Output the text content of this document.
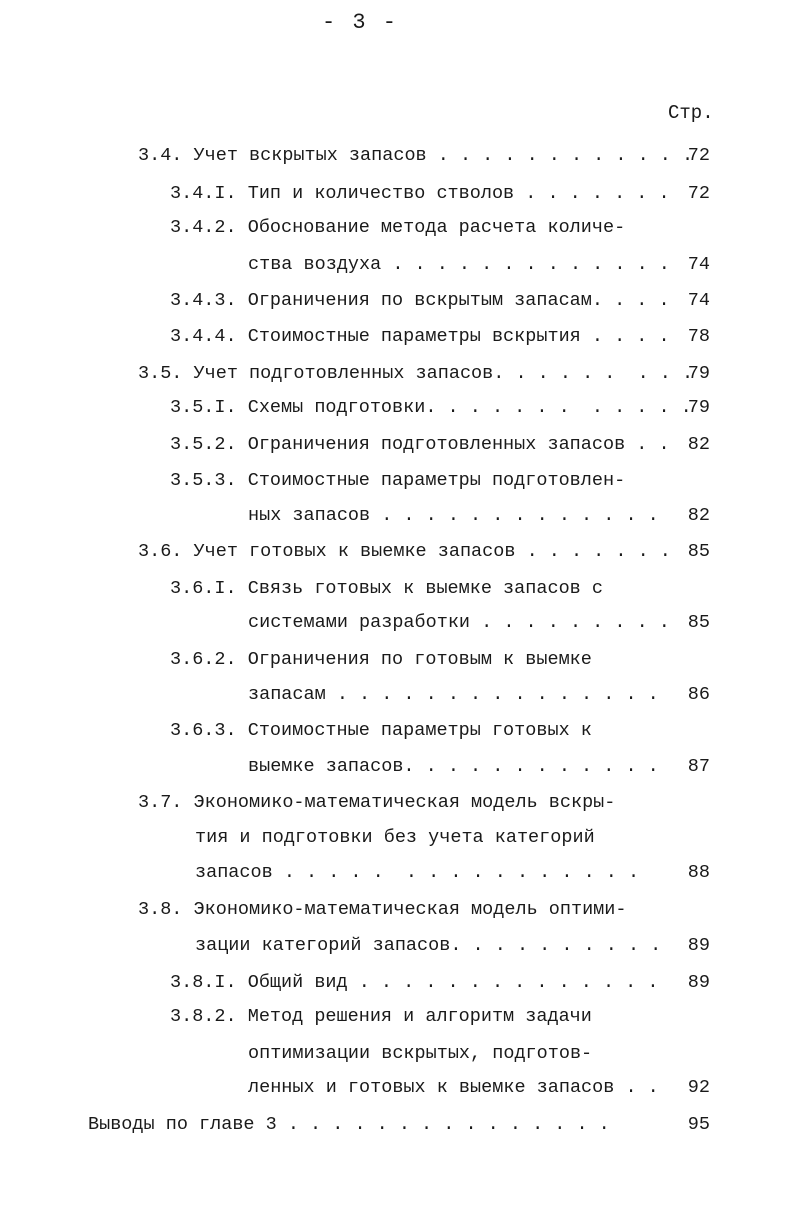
- 3 -
Стр.
3.4. Учет вскрытых запасов . . . . . . . . . . . .
72
3.4.I. Тип и количество стволов . . . . . . . 72
3.4.2. Обоснование метода расчета количе-
ства воздуха . . . . . . . . . . . . . 74
3.4.3. Ограничения по вскрытым запасам. . . . 74
3.4.4. Стоимостные параметры вскрытия . . . . 78
3.5. Учет подготовленных запасов. . . . . .  . . .
79
3.5.I. Схемы подготовки. . . . . . .  . . . . .
79
3.5.2. Ограничения подготовленных запасов . . 82
3.5.3. Стоимостные параметры подготовлен-
ных запасов . . . . . . . . . . . . . 82
3.6. Учет готовых к выемке запасов . . . . . . . 85
3.6.I. Связь готовых к выемке запасов с
системами разработки . . . . . . . . . 85
3.6.2. Ограничения по готовым к выемке
запасам . . . . . . . . . . . . . . . 86
3.6.3. Стоимостные параметры готовых к
выемке запасов. . . . . . . . . . . . 87
3.7. Экономико-математическая модель вскры-
тия и подготовки без учета категорий
запасов . . . . .  . . . . . . . . . . .	88
3.8. Экономико-математическая модель оптими-
зации категорий запасов. . . . . . . . . . 89
3.8.I. Общий вид . . . . . . . . . . . . . . 89
3.8.2. Метод решения и алгоритм задачи
оптимизации вскрытых, подготов-
ленных и готовых к выемке запасов . . 92
Выводы по главе 3 . . . . . . . . . . . . . . .	95
